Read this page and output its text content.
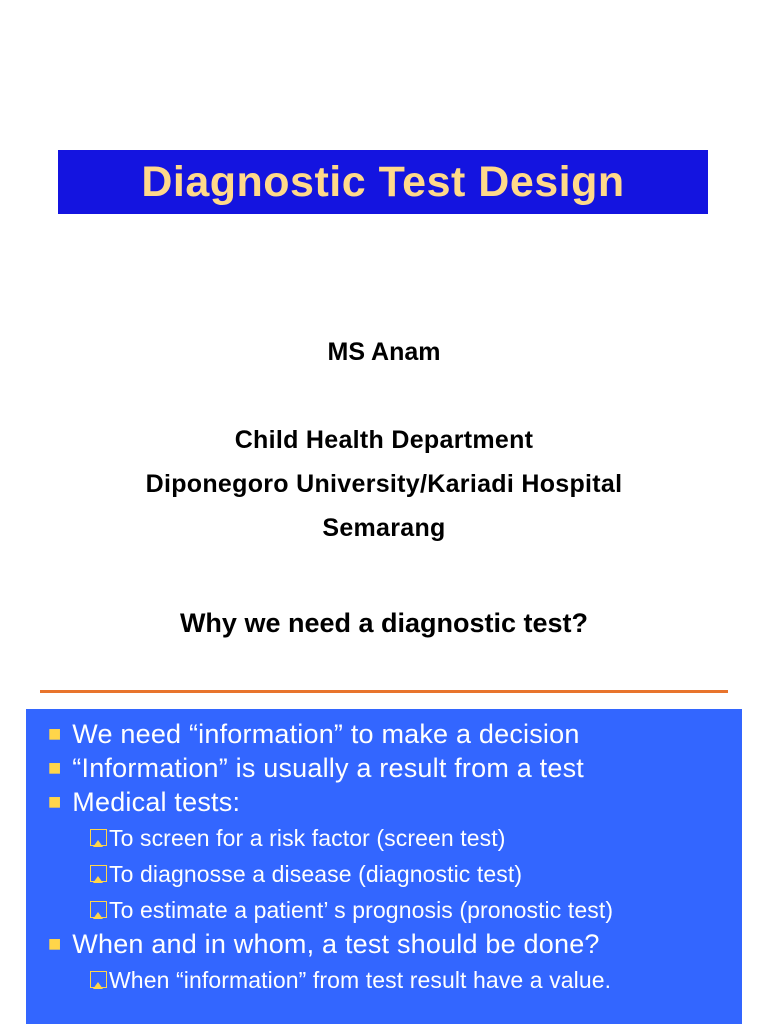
Diagnostic Test Design
MS Anam
Child Health Department
Diponegoro University/Kariadi Hospital
Semarang
Why we need a diagnostic test?
■ We need “information” to make a decision
■ “Information” is usually a result from a test
■ Medical tests:
To screen for a risk factor (screen test)
To diagnosse a disease (diagnostic test)
To estimate a patient’ s prognosis (pronostic test)
■ When and in whom, a test should be done?
When “information” from test result have a value.
